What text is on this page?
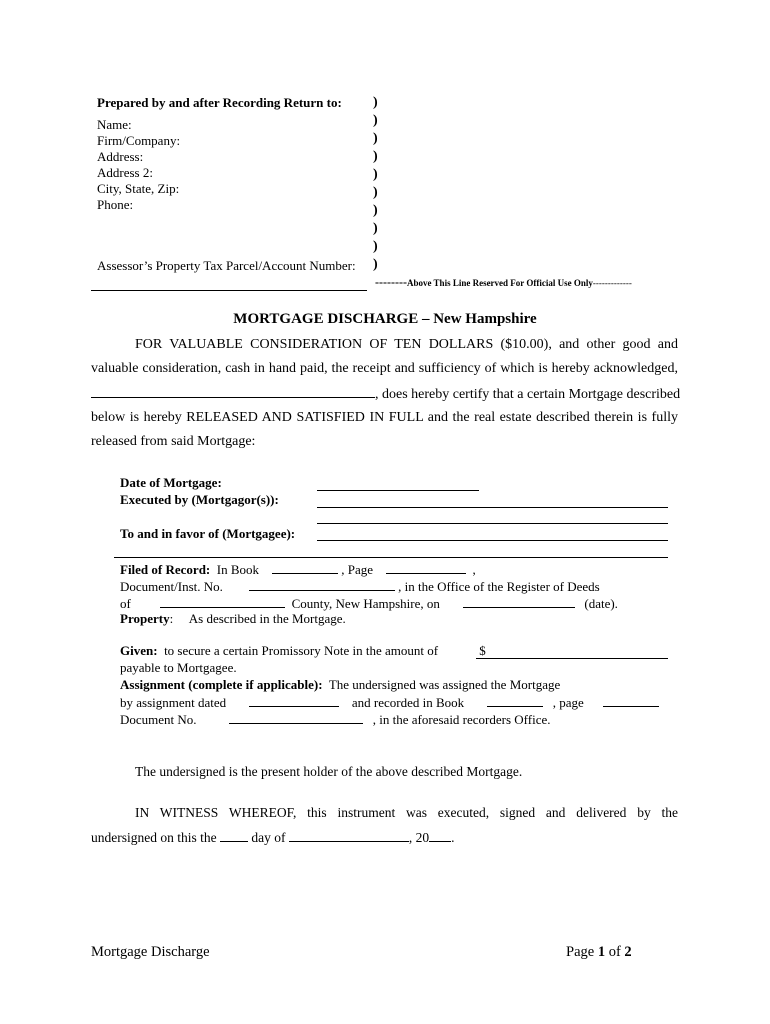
Prepared by and after Recording Return to:
Name:
Firm/Company:
Address:
Address 2:
City, State, Zip:
Phone:
Assessor’s Property Tax Parcel/Account Number:
)
)
)
)
)
)
)
)
)
)
--------Above This Line Reserved For Official Use Only-------------
MORTGAGE DISCHARGE – New Hampshire
FOR VALUABLE CONSIDERATION OF TEN DOLLARS ($10.00), and other good and
valuable consideration, cash in hand paid, the receipt and sufficiency of which is hereby acknowledged,
, does hereby certify that a certain Mortgage described
below is hereby RELEASED AND SATISFIED IN FULL and the real estate described therein is fully
released from said Mortgage:
Date of Mortgage:
Executed by (Mortgagor(s)):
To and in favor of (Mortgagee):
Filed of Record: In Book	, Page	,
Document/Inst. No.	, in the Office of the Register of Deeds
of	County, New Hampshire, on	(date).
Property: As described in the Mortgage.
Given: to secure a certain Promissory Note in the amount of	$
payable to Mortgagee.
Assignment (complete if applicable): The undersigned was assigned the Mortgage
by assignment dated	and recorded in Book	, page
Document No.	, in the aforesaid recorders Office.
The undersigned is the present holder of the above described Mortgage.
IN WITNESS WHEREOF, this instrument was executed, signed and delivered by the
undersigned on this the	day of	, 20 .
Mortgage Discharge	Page 1 of 2
